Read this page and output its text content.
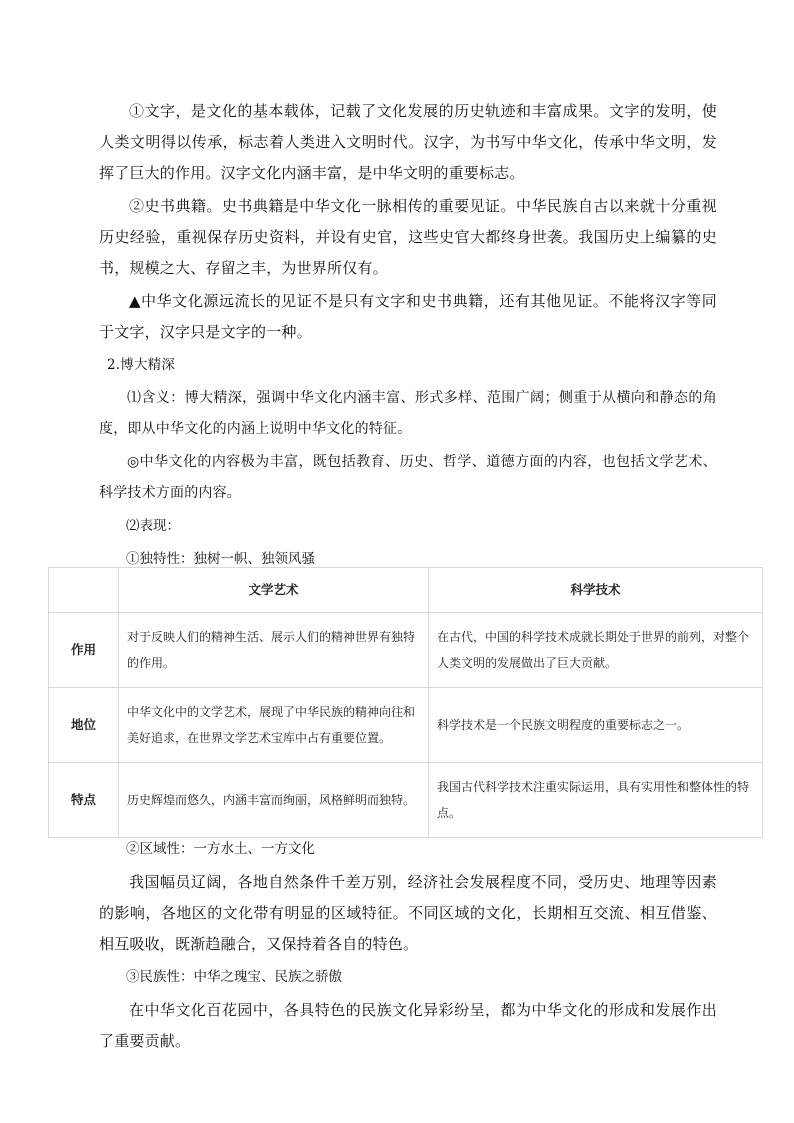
①文字，是文化的基本载体，记载了文化发展的历史轨迹和丰富成果。文字的发明，使人类文明得以传承，标志着人类进入文明时代。汉字，为书写中华文化，传承中华文明，发挥了巨大的作用。汉字文化内涵丰富，是中华文明的重要标志。

②史书典籍。史书典籍是中华文化一脉相传的重要见证。中华民族自古以来就十分重视历史经验，重视保存历史资料，并设有史官，这些史官大都终身世袭。我国历史上编纂的史书，规模之大、存留之丰，为世界所仅有。

▲中华文化源远流长的见证不是只有文字和史书典籍，还有其他见证。不能将汉字等同于文字，汉字只是文字的一种。

2.博大精深

⑴含义：博大精深，强调中华文化内涵丰富、形式多样、范围广阔；侧重于从横向和静态的角度，即从中华文化的内涵上说明中华文化的特征。

◎中华文化的内容极为丰富，既包括教育、历史、哲学、道德方面的内容，也包括文学艺术、科学技术方面的内容。

⑵表现：

①独特性：独树一帜、独领风骚

	文学艺术	科学技术
作用	对于反映人们的精神生活、展示人们的精神世界有独特的作用。	在古代，中国的科学技术成就长期处于世界的前列，对整个人类文明的发展做出了巨大贡献。
地位	中华文化中的文学艺术，展现了中华民族的精神向往和美好追求，在世界文学艺术宝库中占有重要位置。	科学技术是一个民族文明程度的重要标志之一。
特点	历史辉煌而悠久，内涵丰富而绚丽，风格鲜明而独特。	我国古代科学技术注重实际运用，具有实用性和整体性的特点。

②区域性：一方水土、一方文化

我国幅员辽阔，各地自然条件千差万别，经济社会发展程度不同，受历史、地理等因素的影响，各地区的文化带有明显的区域特征。不同区域的文化，长期相互交流、相互借鉴、相互吸收，既渐趋融合，又保持着各自的特色。

③民族性：中华之瑰宝、民族之骄傲

在中华文化百花园中，各具特色的民族文化异彩纷呈，都为中华文化的形成和发展作出了重要贡献。
